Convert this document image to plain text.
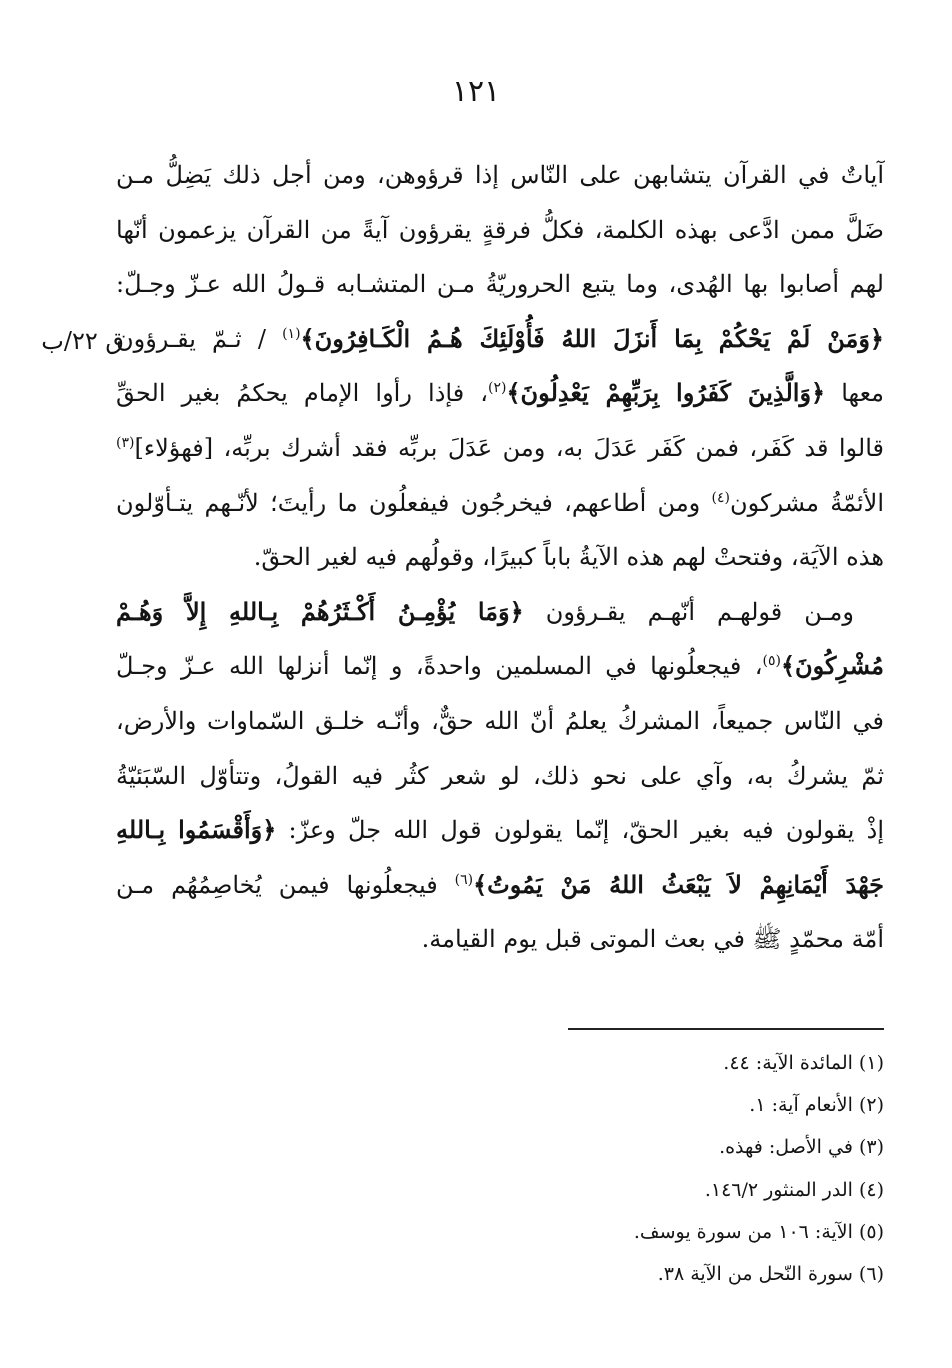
١٢١
ق ٢٢/ب
آياتٌ في القرآن يتشابهن على النّاس إذا قرؤوهن، ومن أجل ذلك يَضِلُّ مـن
ضَلَّ ممن ادَّعى بهذه الكلمة، فكلُّ فرقةٍ يقرؤون آيةً من القرآن يزعمون أنّها
لهم أصابوا بها الهُدى، وما يتبع الحروريّةُ مـن المتشـابه قـولُ الله عـزّ وجـلّ:
﴿وَمَنْ لَمْ يَحْكُمْ بِمَا أَنزَلَ اللهُ فَأُوْلَئِكَ هُـمُ الْكَـافِرُونَ﴾$^{(١)}$ / ثـمّ يقـرؤون
معها ﴿وَالَّذِينَ كَفَرُوا بِرَبِّهِمْ يَعْدِلُونَ﴾$^{(٢)}$، فإذا رأوا الإمام يحكمُ بغير الحقِّ
قالوا قد كَفَر، فمن كَفَر عَدَلَ به، ومن عَدَلَ بربِّه فقد أشرك بربِّه، [فهؤلاء]$^{(٣)}$
الأئمّةُ مشركون$^{(٤)}$ ومن أطاعهم، فيخرجُون فيفعلُون ما رأيتَ؛ لأنّـهم يتـأوّلون
هذه الآيَة، وفتحتْ لهم هذه الآيةُ باباً كبيرًا، وقولُهم فيه لغير الحقّ.
ومـن قولهـم أنّهـم يقـرؤون ﴿وَمَا يُؤْمِـنُ أَكْـثَرُهُمْ بِـاللهِ إِلاَّ وَهُـمْ
مُشْرِكُونَ﴾$^{(٥)}$، فيجعلُونها في المسلمين واحدةً، و إنّما أنزلها الله عـزّ وجـلّ
في النّاس جميعاً، المشركُ يعلمُ أنّ الله حقٌّ، وأنّـه خلـق السّماوات والأرض،
ثمّ يشركُ به، وآي على نحو ذلك، لو شعر كثُر فيه القولُ، وتتأوّل السّبَئيّةُ
إذْ يقولون فيه بغير الحقّ، إنّما يقولون قول الله جلّ وعزّ: ﴿وَأَقْسَمُوا بِـاللهِ
جَهْدَ أَيْمَانِهِمْ لاَ يَبْعَثُ اللهُ مَنْ يَمُوتُ﴾$^{(٦)}$ فيجعلُونها فيمن يُخاصِمُهُم مـن
أمّة محمّدٍ ﷺ في بعث الموتى قبل يوم القيامة.
(١) المائدة الآية: ٤٤.
(٢) الأنعام آية: ١.
(٣) في الأصل: فهذه.
(٤) الدر المنثور ١٤٦/٢.
(٥) الآية: ١٠٦ من سورة يوسف.
(٦) سورة النّحل من الآية ٣٨.
